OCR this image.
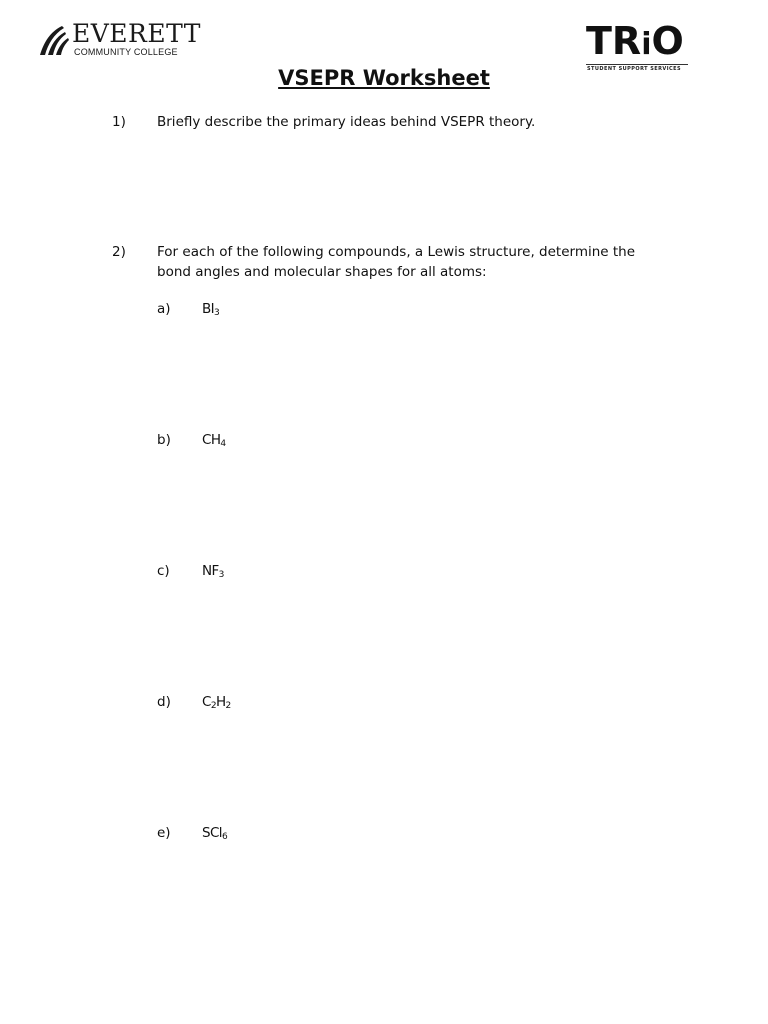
EVERETT
COMMUNITY COLLEGE	TRiO
STUDENT SUPPORT SERVICES
VSEPR Worksheet
1) Briefly describe the primary ideas behind VSEPR theory.
2) For each of the following compounds, a Lewis structure, determine the
bond angles and molecular shapes for all atoms:
a) $BI_3$
b) $CH_4$
c) $NF_3$
d) $C_2H_2$
e) SCl$_6$
